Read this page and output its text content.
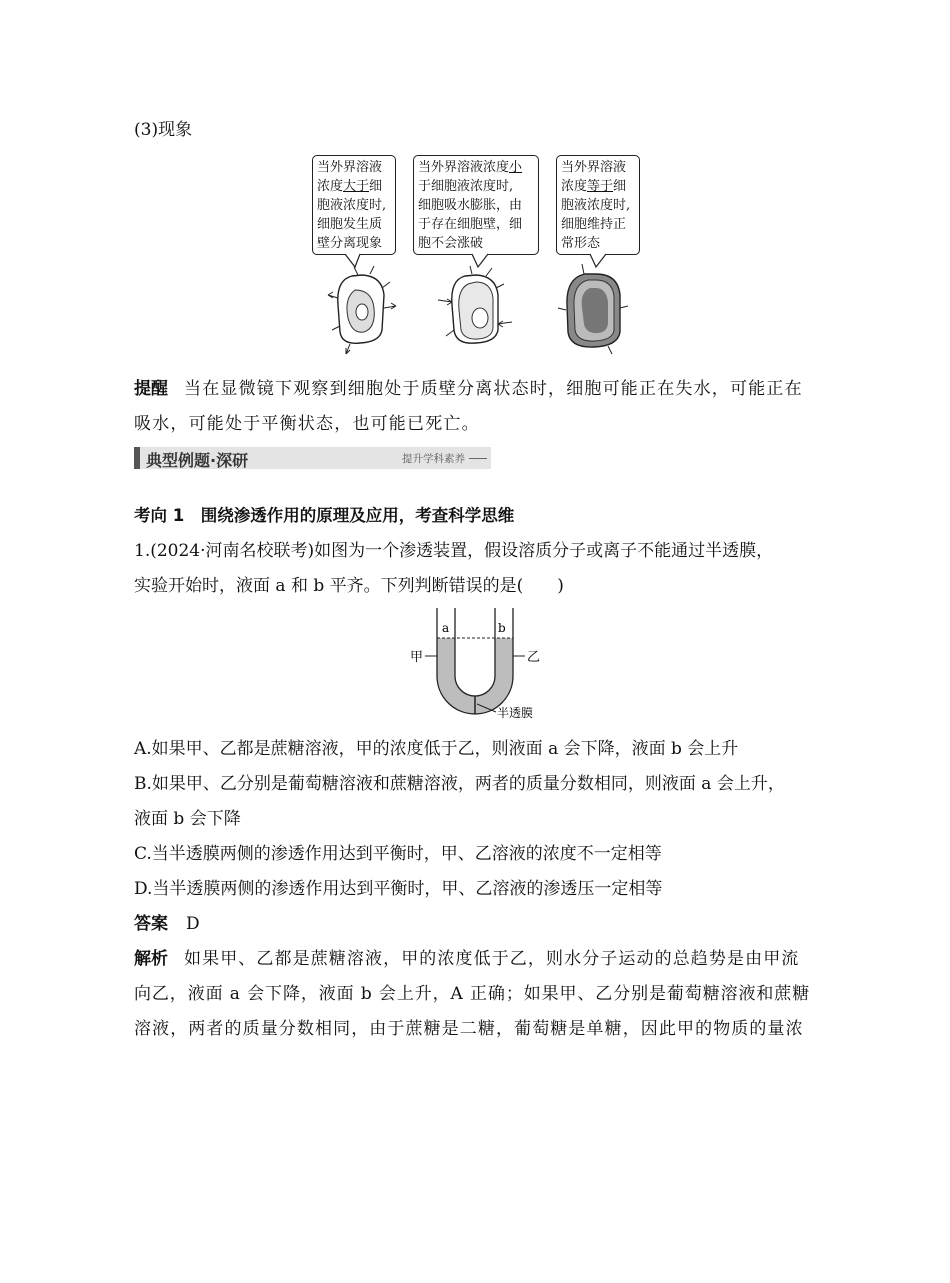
(3)现象
当外界溶液
浓度大于细
胞液浓度时,
细胞发生质
壁分离现象
当外界溶液浓度小
于细胞液浓度时,
细胞吸水膨胀，由
于存在细胞壁，细
胞不会涨破
当外界溶液
浓度等于细
胞液浓度时,
细胞维持正
常形态
提醒 当在显微镜下观察到细胞处于质壁分离状态时，细胞可能正在失水，可能正在
吸水，可能处于平衡状态，也可能已死亡。
典型例题·深研	提升学科素养
考向 1　围绕渗透作用的原理及应用，考查科学思维
1.(2024·河南名校联考)如图为一个渗透装置，假设溶质分子或离子不能通过半透膜，
实验开始时，液面 a 和 b 平齐。下列判断错误的是(　　)
a	b
甲	乙
半透膜
A.如果甲、乙都是蔗糖溶液，甲的浓度低于乙，则液面 a 会下降，液面 b 会上升
B.如果甲、乙分别是葡萄糖溶液和蔗糖溶液，两者的质量分数相同，则液面 a 会上升，
液面 b 会下降
C.当半透膜两侧的渗透作用达到平衡时，甲、乙溶液的浓度不一定相等
D.当半透膜两侧的渗透作用达到平衡时，甲、乙溶液的渗透压一定相等
答案 D
解析 如果甲、乙都是蔗糖溶液，甲的浓度低于乙，则水分子运动的总趋势是由甲流
向乙，液面 a 会下降，液面 b 会上升，A 正确；如果甲、乙分别是葡萄糖溶液和蔗糖
溶液，两者的质量分数相同，由于蔗糖是二糖，葡萄糖是单糖，因此甲的物质的量浓
